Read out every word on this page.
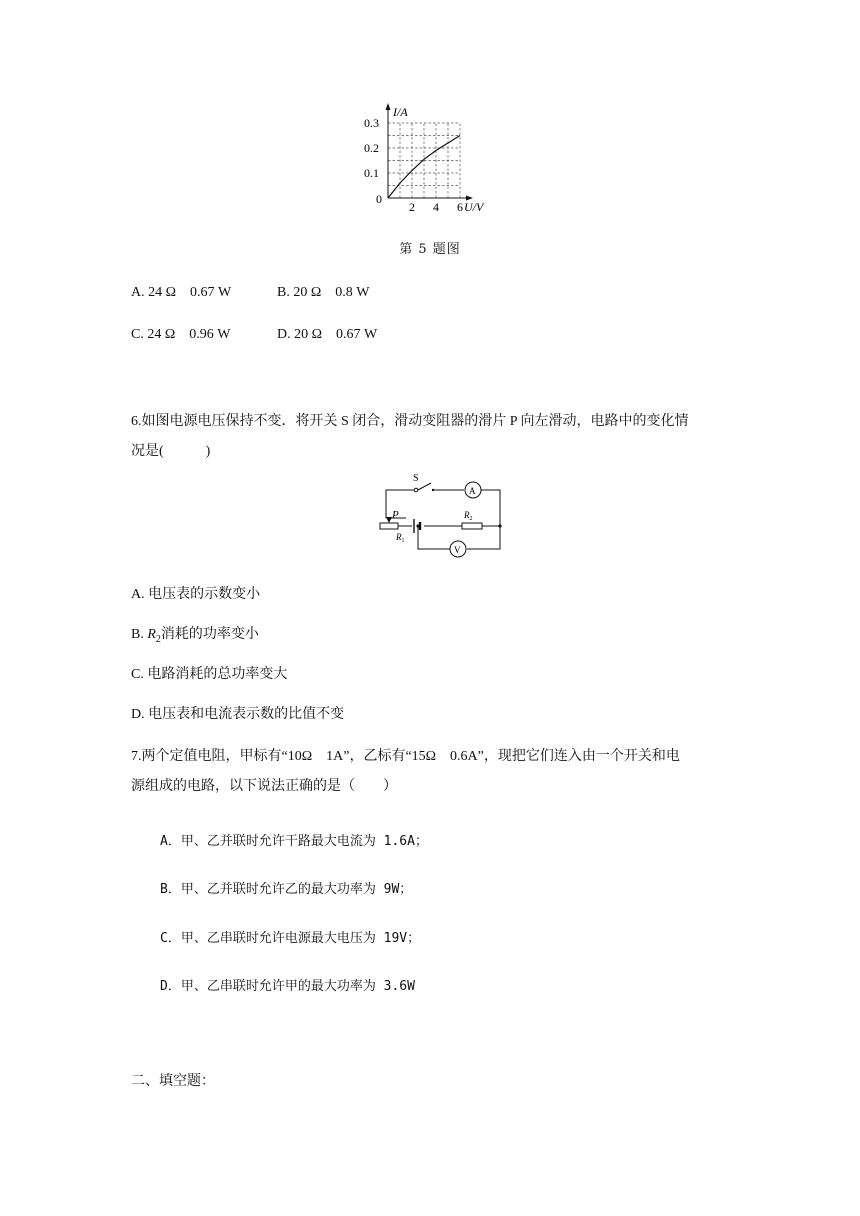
0.1
0.2
0.3
2 4 6
I/A
U/V
0
第 5 题图
A. 24 Ω　0.67 W	B. 20 Ω　0.8 W
C. 24 Ω　0.96 W	D. 20 Ω　0.67 W
6.如图电源电压保持不变．将开关 S 闭合，滑动变阻器的滑片 P 向左滑动，电路中的变化情
况是(　　　)
S
A
V
P
$R_1$
$R_2$
A. 电压表的示数变小
B. $R_2$消耗的功率变小
C. 电路消耗的总功率变大
D. 电压表和电流表示数的比值不变
7.两个定值电阻，甲标有“10Ω　1A”，乙标有“15Ω　0.6A”，现把它们连入由一个开关和电
源组成的电路，以下说法正确的是（　　）
A．甲、乙并联时允许干路最大电流为 1.6A；
B．甲、乙并联时允许乙的最大功率为 9W；
C．甲、乙串联时允许电源最大电压为 19V；
D．甲、乙串联时允许甲的最大功率为 3.6W
二、填空题：
